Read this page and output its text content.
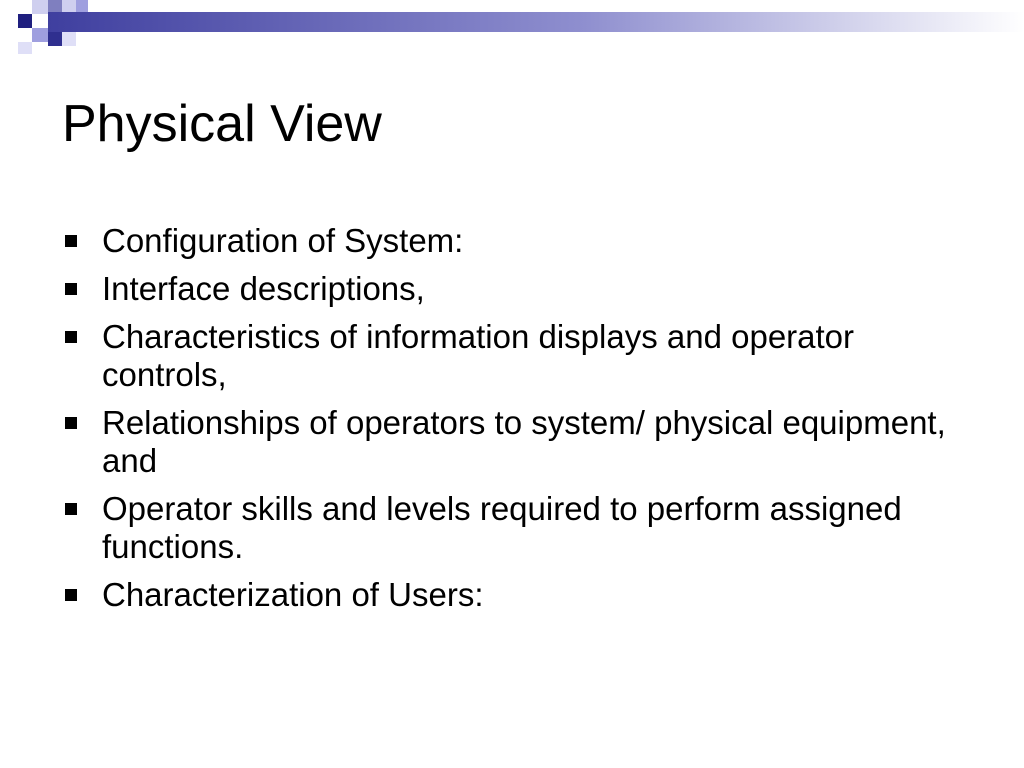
Physical View
Configuration of System:
Interface descriptions,
Characteristics of information displays and operator controls,
Relationships of operators to system/ physical equipment, and
Operator skills and levels required to perform assigned functions.
Characterization of Users:
